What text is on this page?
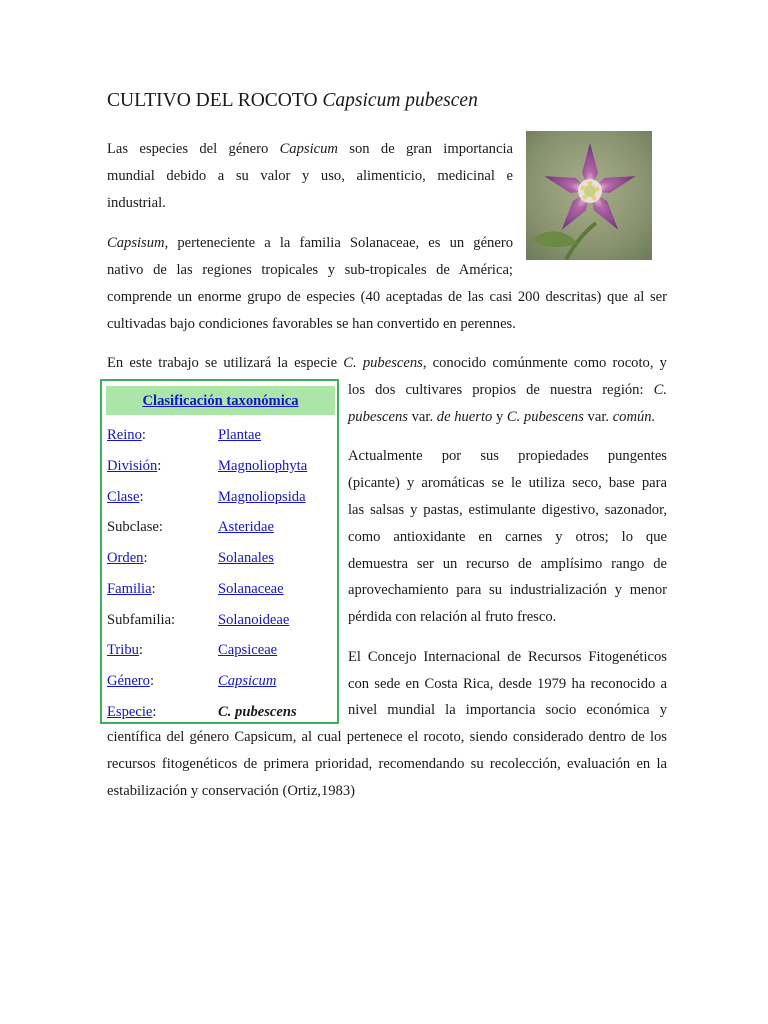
CULTIVO DEL ROCOTO Capsicum pubescen
Las especies del género Capsicum son de gran importancia
mundial debido a su valor y uso, alimenticio, medicinal e
industrial.
Capsisum, perteneciente a la familia Solanaceae, es un género
nativo de las regiones tropicales y sub-tropicales de América;
comprende un enorme grupo de especies (40 aceptadas de las casi 200 descritas) que al ser
cultivadas bajo condiciones favorables se han convertido en perennes.
En este trabajo se utilizará la especie C. pubescens, conocido comúnmente como rocoto, y
los dos cultivares propios de nuestra región: C.
pubescens var. de huerto y C. pubescens var. común.
Actualmente por sus propiedades pungentes
(picante) y aromáticas se le utiliza seco, base para
las salsas y pastas, estimulante digestivo, sazonador,
como antioxidante en carnes y otros; lo que
demuestra ser un recurso de amplísimo rango de
aprovechamiento para su industrialización y menor
pérdida con relación al fruto fresco.
El Concejo Internacional de Recursos Fitogenéticos
con sede en Costa Rica, desde 1979 ha reconocido a
nivel mundial la importancia socio económica y
científica del género Capsicum, al cual pertenece el rocoto, siendo considerado dentro de los
recursos fitogenéticos de primera prioridad, recomendando su recolección, evaluación en la
estabilización y conservación (Ortiz,1983)
Clasificación taxonómica
Reino:	Plantae
División:	Magnoliophyta
Clase:	Magnoliopsida
Subclase:	Asteridae
Orden:	Solanales
Familia:	Solanaceae
Subfamilia:	Solanoideae
Tribu:	Capsiceae
Género:	Capsicum
Especie:	C. pubescens
